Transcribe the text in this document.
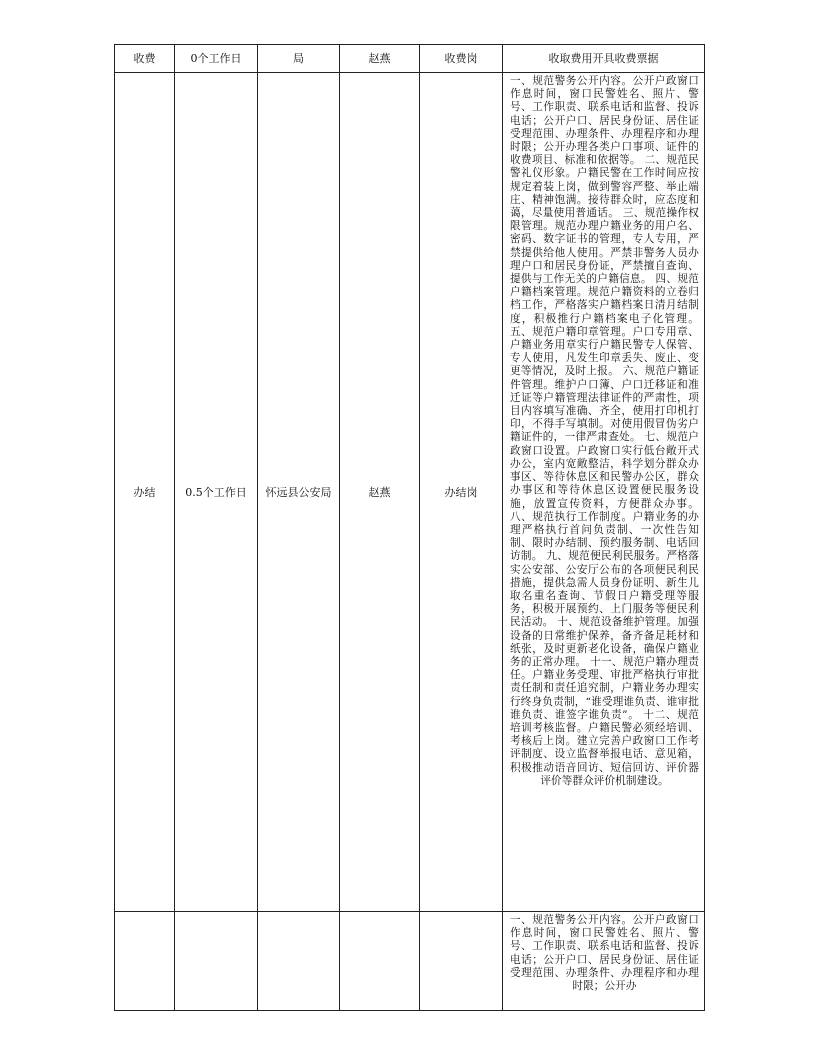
收费	0个工作日	局	赵燕	收费岗	收取费用开具收费票据
办结	0.5个工作日	怀远县公安局	赵燕	办结岗	一、规范警务公开内容。公开户政窗口作息时间，窗口民警姓名、照片、警号、工作职责、联系电话和监督、投诉电话；公开户口、居民身份证、居住证受理范围、办理条件、办理程序和办理时限；公开办理各类户口事项、证件的收费项目、标准和依据等。 二、规范民警礼仪形象。户籍民警在工作时间应按规定着装上岗，做到警容严整、举止端庄、精神饱满。接待群众时，应态度和蔼，尽量使用普通话。 三、规范操作权限管理。规范办理户籍业务的用户名、密码、数字证书的管理，专人专用，严禁提供给他人使用。严禁非警务人员办理户口和居民身份证，严禁擅自查询、提供与工作无关的户籍信息。 四、规范户籍档案管理。规范户籍资料的立卷归档工作，严格落实户籍档案日清月结制度，积极推行户籍档案电子化管理。 五、规范户籍印章管理。户口专用章、户籍业务用章实行户籍民警专人保管、专人使用，凡发生印章丢失、废止、变更等情况，及时上报。 六、规范户籍证件管理。维护户口簿、户口迁移证和准迁证等户籍管理法律证件的严肃性，项目内容填写准确、齐全，使用打印机打印，不得手写填制。对使用假冒伪劣户籍证件的，一律严肃查处。 七、规范户政窗口设置。户政窗口实行低台敞开式办公，室内宽敞整洁，科学划分群众办事区、等待休息区和民警办公区，群众办事区和等待休息区设置便民服务设施，放置宣传资料，方便群众办事。 八、规范执行工作制度。户籍业务的办理严格执行首问负责制、一次性告知制、限时办结制、预约服务制、电话回访制。 九、规范便民利民服务。严格落实公安部、公安厅公布的各项便民利民措施，提供急需人员身份证明、新生儿取名重名查询、节假日户籍受理等服务，积极开展预约、上门服务等便民利民活动。 十、规范设备维护管理。加强设备的日常维护保养，备齐备足耗材和纸张，及时更新老化设备，确保户籍业务的正常办理。 十一、规范户籍办理责任。户籍业务受理、审批严格执行审批责任制和责任追究制，户籍业务办理实行终身负责制，“谁受理谁负责、谁审批谁负责、谁签字谁负责”。 十二、规范培训考核监督。户籍民警必须经培训、考核后上岗。建立完善户政窗口工作考评制度、设立监督举报电话、意见箱，积极推动语音回访、短信回访、评价器评价等群众评价机制建设。
					一、规范警务公开内容。公开户政窗口作息时间，窗口民警姓名、照片、警号、工作职责、联系电话和监督、投诉电话；公开户口、居民身份证、居住证受理范围、办理条件、办理程序和办理时限；公开办
